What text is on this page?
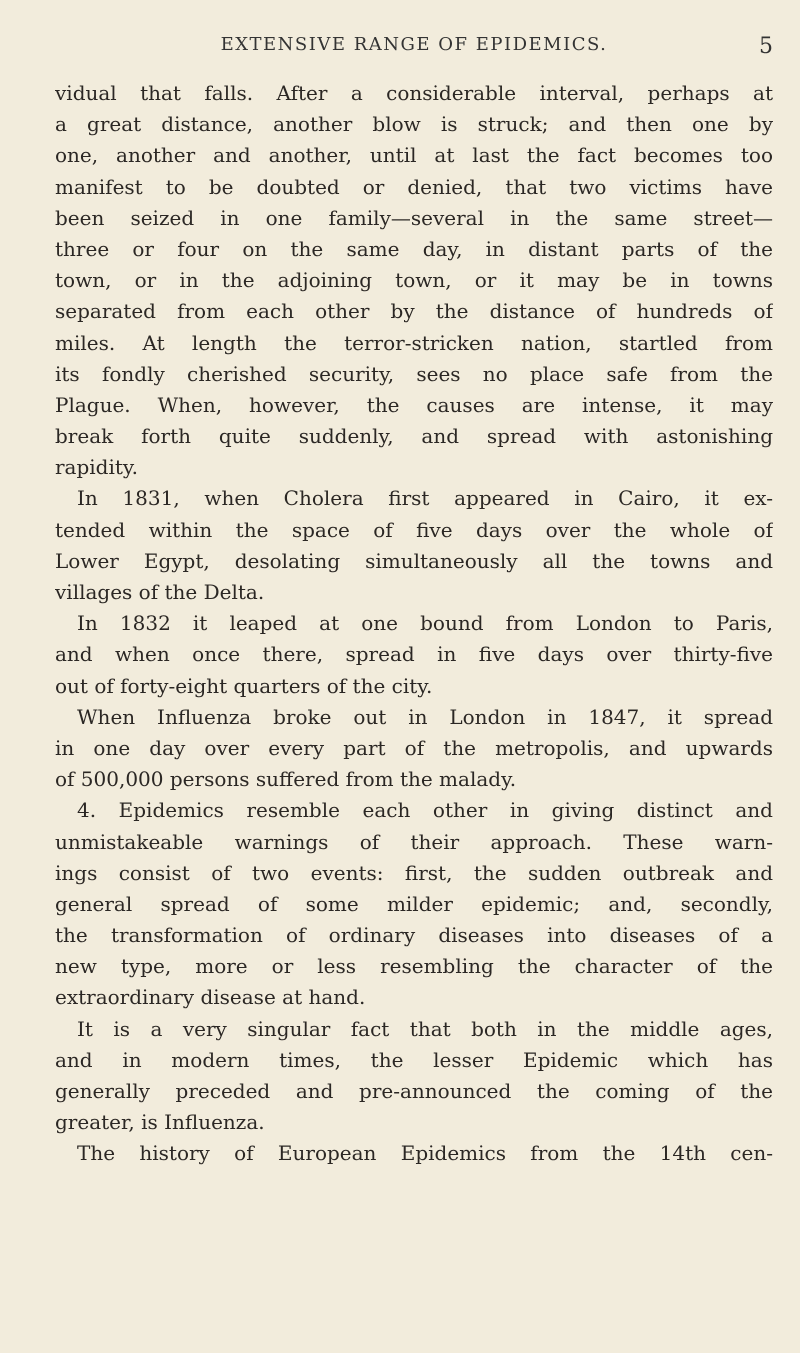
EXTENSIVE RANGE OF EPIDEMICS.	5
vidual that falls. After a considerable interval, perhaps at
a great distance, another blow is struck; and then one by
one, another and another, until at last the fact becomes too
manifest to be doubted or denied, that two victims have
been seized in one family—several in the same street—
three or four on the same day, in distant parts of the
town, or in the adjoining town, or it may be in towns
separated from each other by the distance of hundreds of
miles. At length the terror-stricken nation, startled from
its fondly cherished security, sees no place safe from the
Plague. When, however, the causes are intense, it may
break forth quite suddenly, and spread with astonishing
rapidity.
In 1831, when Cholera first appeared in Cairo, it ex-
tended within the space of five days over the whole of
Lower Egypt, desolating simultaneously all the towns and
villages of the Delta.
In 1832 it leaped at one bound from London to Paris,
and when once there, spread in five days over thirty-five
out of forty-eight quarters of the city.
When Influenza broke out in London in 1847, it spread
in one day over every part of the metropolis, and upwards
of 500,000 persons suffered from the malady.
4. Epidemics resemble each other in giving distinct and
unmistakeable warnings of their approach. These warn-
ings consist of two events: first, the sudden outbreak and
general spread of some milder epidemic; and, secondly,
the transformation of ordinary diseases into diseases of a
new type, more or less resembling the character of the
extraordinary disease at hand.
It is a very singular fact that both in the middle ages,
and in modern times, the lesser Epidemic which has
generally preceded and pre-announced the coming of the
greater, is Influenza.
The history of European Epidemics from the 14th cen-
